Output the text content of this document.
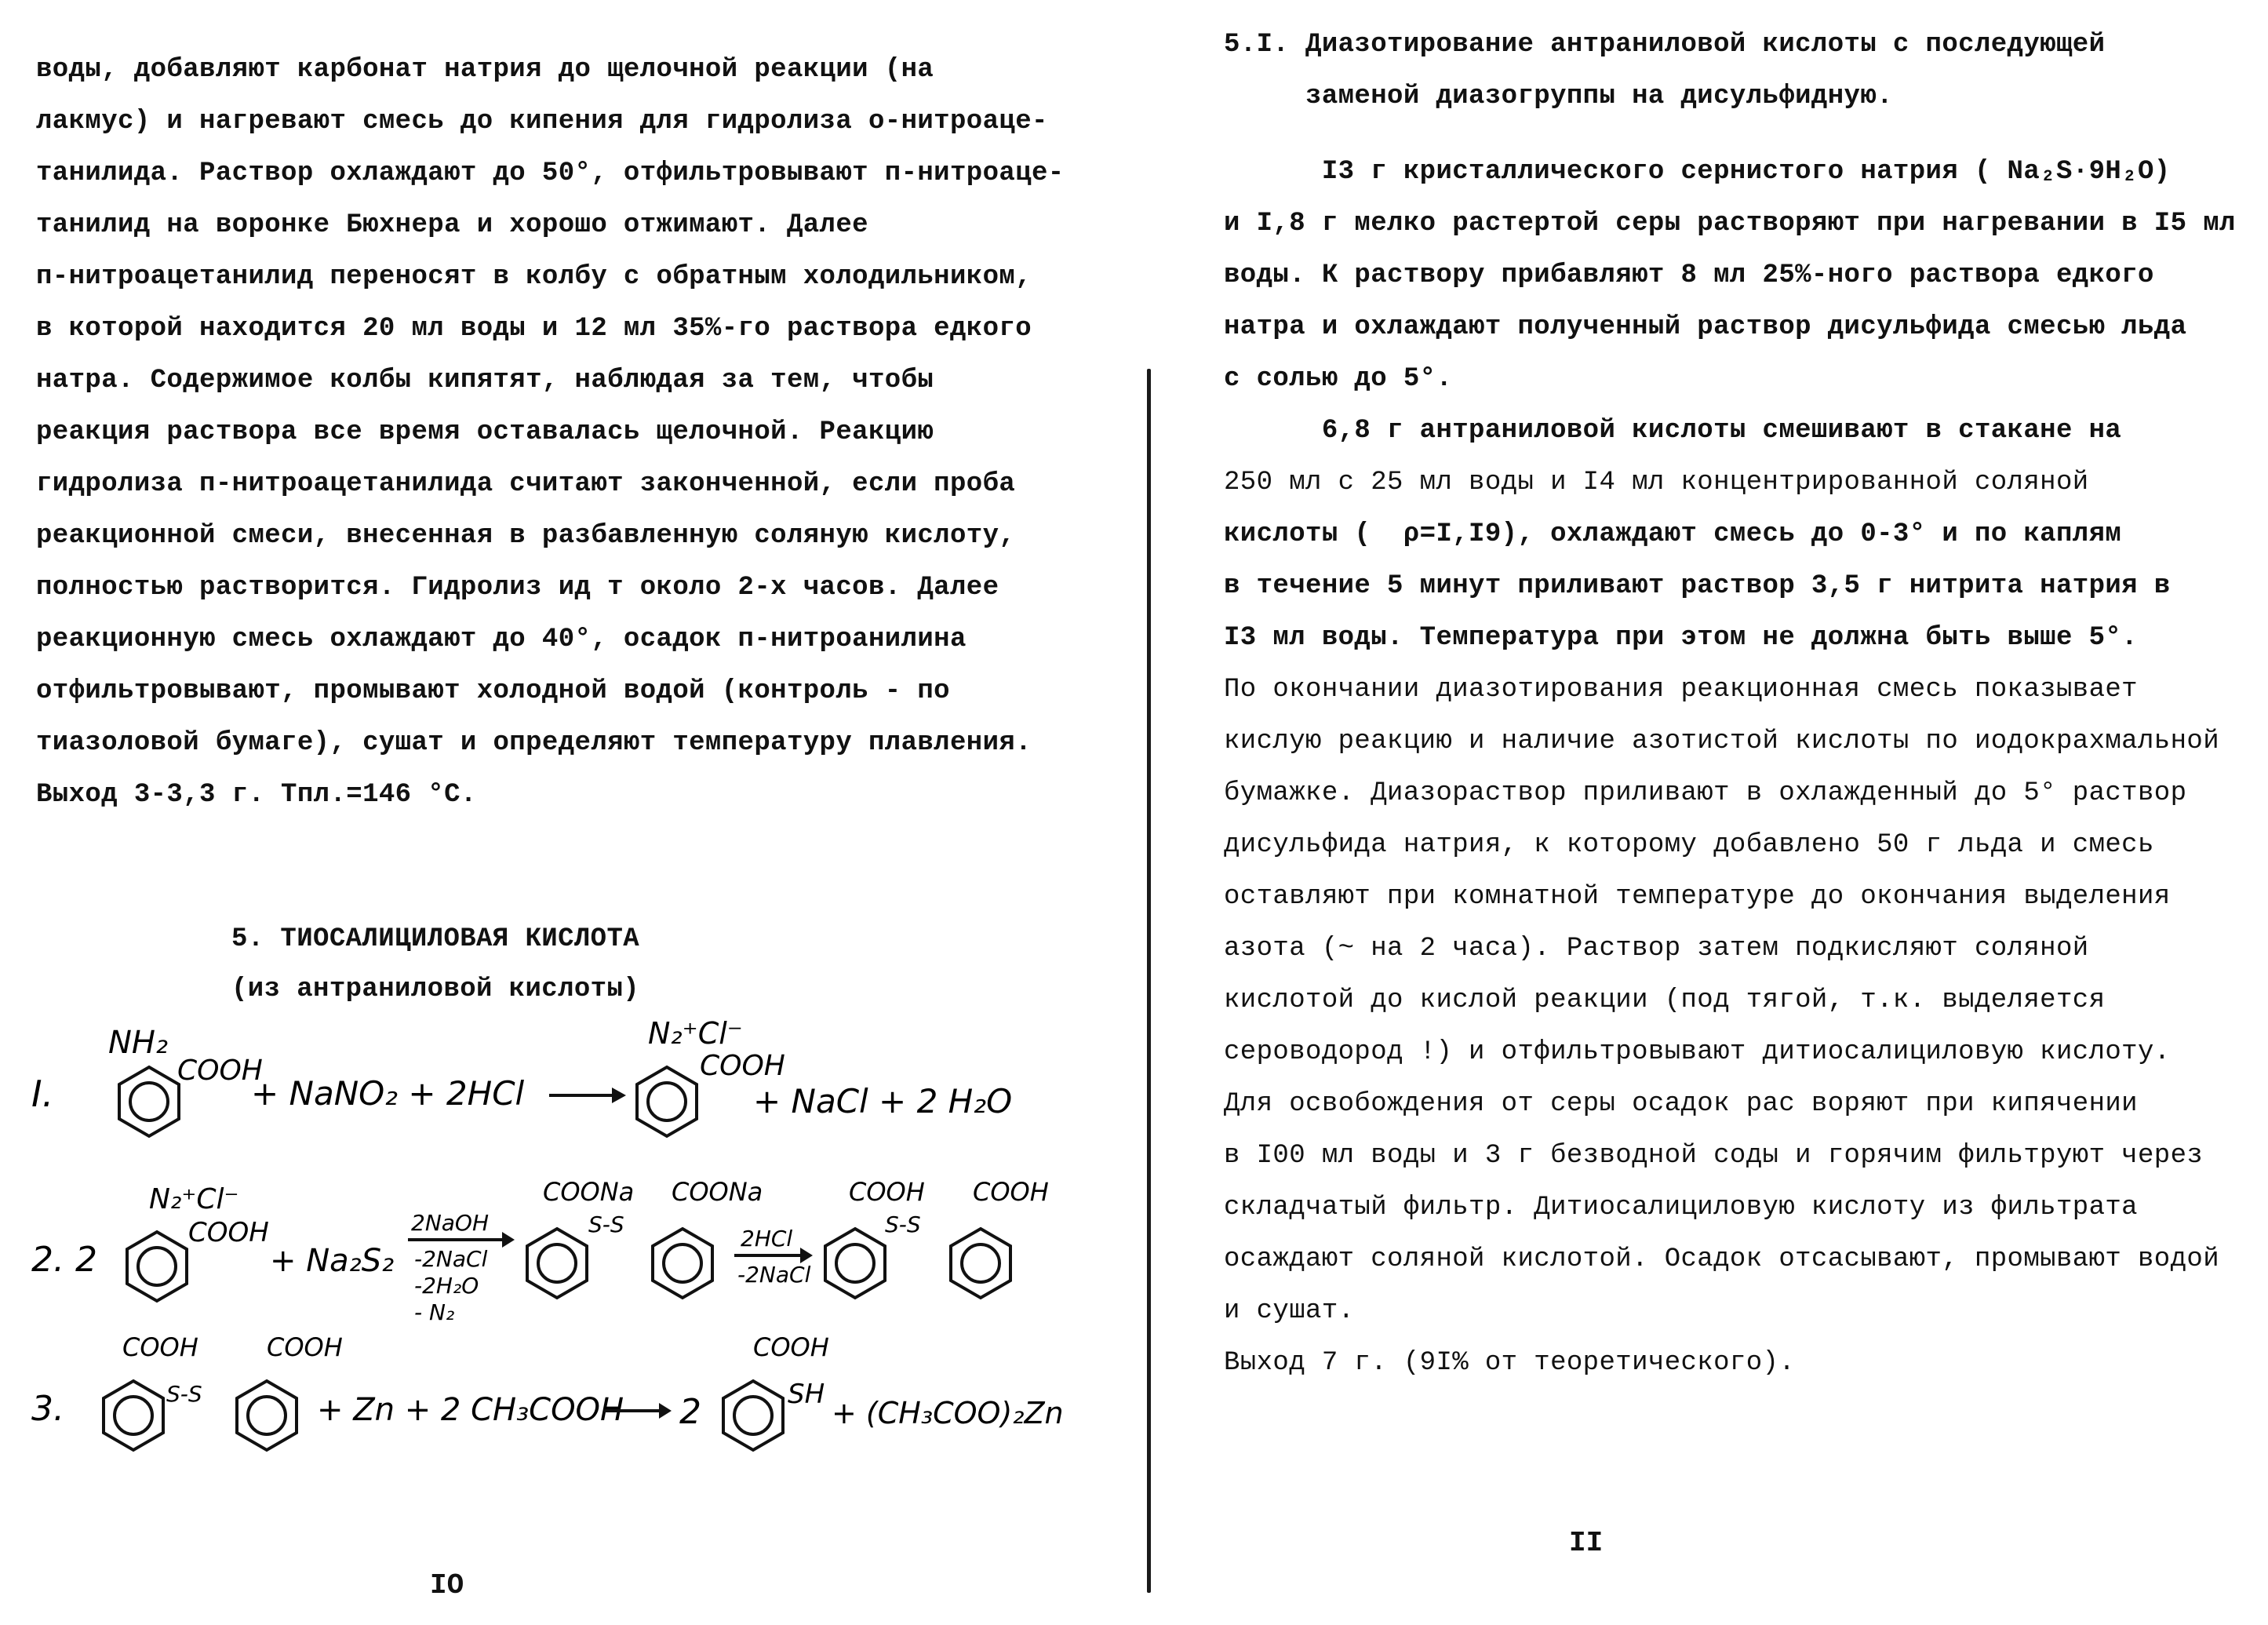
воды, добавляют карбонат натрия до щелочной реакции (на
лакмус) и нагревают смесь до кипения для гидролиза о-нитроаце-
танилида. Раствор охлаждают до 50°, отфильтровывают п-нитроаце-
танилид на воронке Бюхнера и хорошо отжимают. Далее
п-нитроацетанилид переносят в колбу с обратным холодильником,
в которой находится 20 мл воды и 12 мл 35%-го раствора едкого
натра. Содержимое колбы кипятят, наблюдая за тем, чтобы
реакция раствора все время оставалась щелочной. Реакцию
гидролиза п-нитроацетанилида считают законченной, если проба
реакционной смеси, внесенная в разбавленную соляную кислоту,
полностью растворится. Гидролиз ид т около 2-х часов. Далее
реакционную смесь охлаждают до 40°, осадок п-нитроанилина
отфильтровывают, промывают холодной водой (контроль - по
тиазоловой бумаге), сушат и определяют температуру плавления.
Выход 3-3,3 г. Тпл.=146 °С.
5. ТИОСАЛИЦИЛОВАЯ КИСЛОТА
(из антраниловой кислоты)
I.
NH₂
COOH
+ NaNO₂ + 2HCl
N₂⁺Cl⁻
COOH
+ NaCl + 2 H₂O
2. 2
N₂⁺Cl⁻
COOH
+ Na₂S₂
2NaOH
-2NaCl
-2H₂O
- N₂
COONa
S-S
COONa
2HCl
-2NaCl
COOH
S-S
COOH
3.
COOH
S-S
COOH
+ Zn + 2 CH₃COOH 2
COOH
SH
+ (CH₃COO)₂Zn
IO
5.I. Диазотирование антраниловой кислоты с последующей
заменой диазогруппы на дисульфидную.
I3 г кристаллического сернистого натрия ( Na₂S·9H₂O)
и I,8 г мелко растертой серы растворяют при нагревании в I5 мл
воды. К раствору прибавляют 8 мл 25%-ного раствора едкого
натра и охлаждают полученный раствор дисульфида смесью льда
с солью до 5°.
6,8 г антраниловой кислоты смешивают в стакане на
250 мл с 25 мл воды и I4 мл концентрированной соляной
кислоты (  ρ=I,I9), охлаждают смесь до 0-3° и по каплям
в течение 5 минут приливают раствор 3,5 г нитрита натрия в
I3 мл воды. Температура при этом не должна быть выше 5°.
По окончании диазотирования реакционная смесь показывает
кислую реакцию и наличие азотистой кислоты по иодокрахмальной
бумажке. Диазораствор приливают в охлажденный до 5° раствор
дисульфида натрия, к которому добавлено 50 г льда и смесь
оставляют при комнатной температуре до окончания выделения
азота (~ на 2 часа). Раствор затем подкисляют соляной
кислотой до кислой реакции (под тягой, т.к. выделяется
сероводород !) и отфильтровывают дитиосалициловую кислоту.
Для освобождения от серы осадок рас воряют при кипячении
в I00 мл воды и 3 г безводной соды и горячим фильтруют через
складчатый фильтр. Дитиосалициловую кислоту из фильтрата
осаждают соляной кислотой. Осадок отсасывают, промывают водой
и сушат.
Выход 7 г. (9I% от теоретического).
II
